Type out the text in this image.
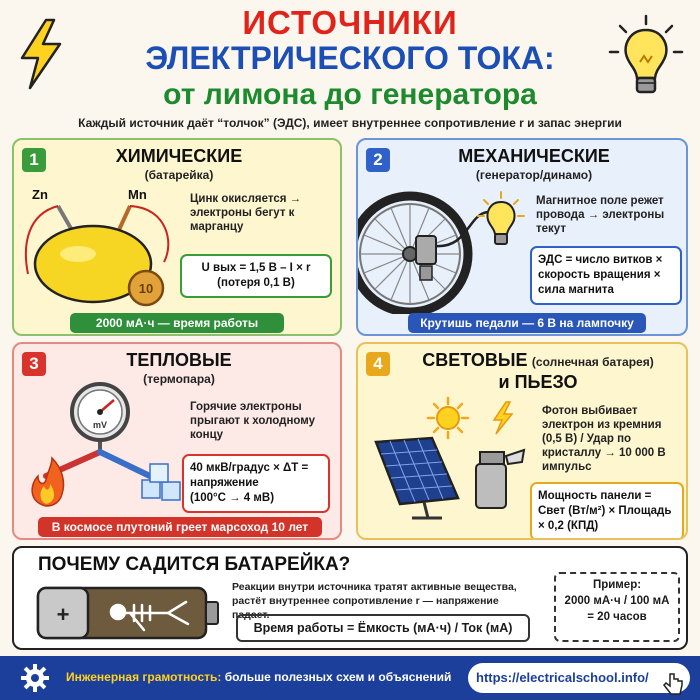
ИСТОЧНИКИ
ЭЛЕКТРИЧЕСКОГО ТОКА:
от лимона до генератора
Каждый источник даёт “толчок” (ЭДС), имеет внутреннее сопротивление r и запас энергии
1	ХИМИЧЕСКИЕ
(батарейка)
Zn	Mn
10
Цинк окисляется → электроны бегут к марганцу
U вых = 1,5 В – I × r
(потеря 0,1 В)
2000 мА·ч — время работы
2	МЕХАНИЧЕСКИЕ
(генератор/динамо)
Магнитное поле режет провода → электроны текут
ЭДС = число витков × скорость вращения × сила магнита
Крутишь педали — 6 В на лампочку
3	ТЕПЛОВЫЕ
(термопара)
mV
Горячие электроны прыгают к холодному концу
40 мкВ/градус × ΔT =
напряжение
(100°C → 4 мВ)
В космосе плутоний греет марсоход 10 лет
4	СВЕТОВЫЕ (солнечная батарея)
и ПЬЕЗО
Фотон выбивает электрон из кремния (0,5 В) / Удар по кристаллу → 10 000 В импульс
Мощность панели = Свет (Вт/м²) × Площадь × 0,2 (КПД)
ПОЧЕМУ САДИТСЯ БАТАРЕЙКА?
+
Реакции внутри источника тратят активные вещества, растёт внутреннее сопротивление r — напряжение падает.
Время работы = Ёмкость (мА·ч) / Ток (мА)
Пример:
2000 мА·ч / 100 мА
= 20 часов
Инженерная грамотность: больше полезных схем и объяснений	https://electricalschool.info/
